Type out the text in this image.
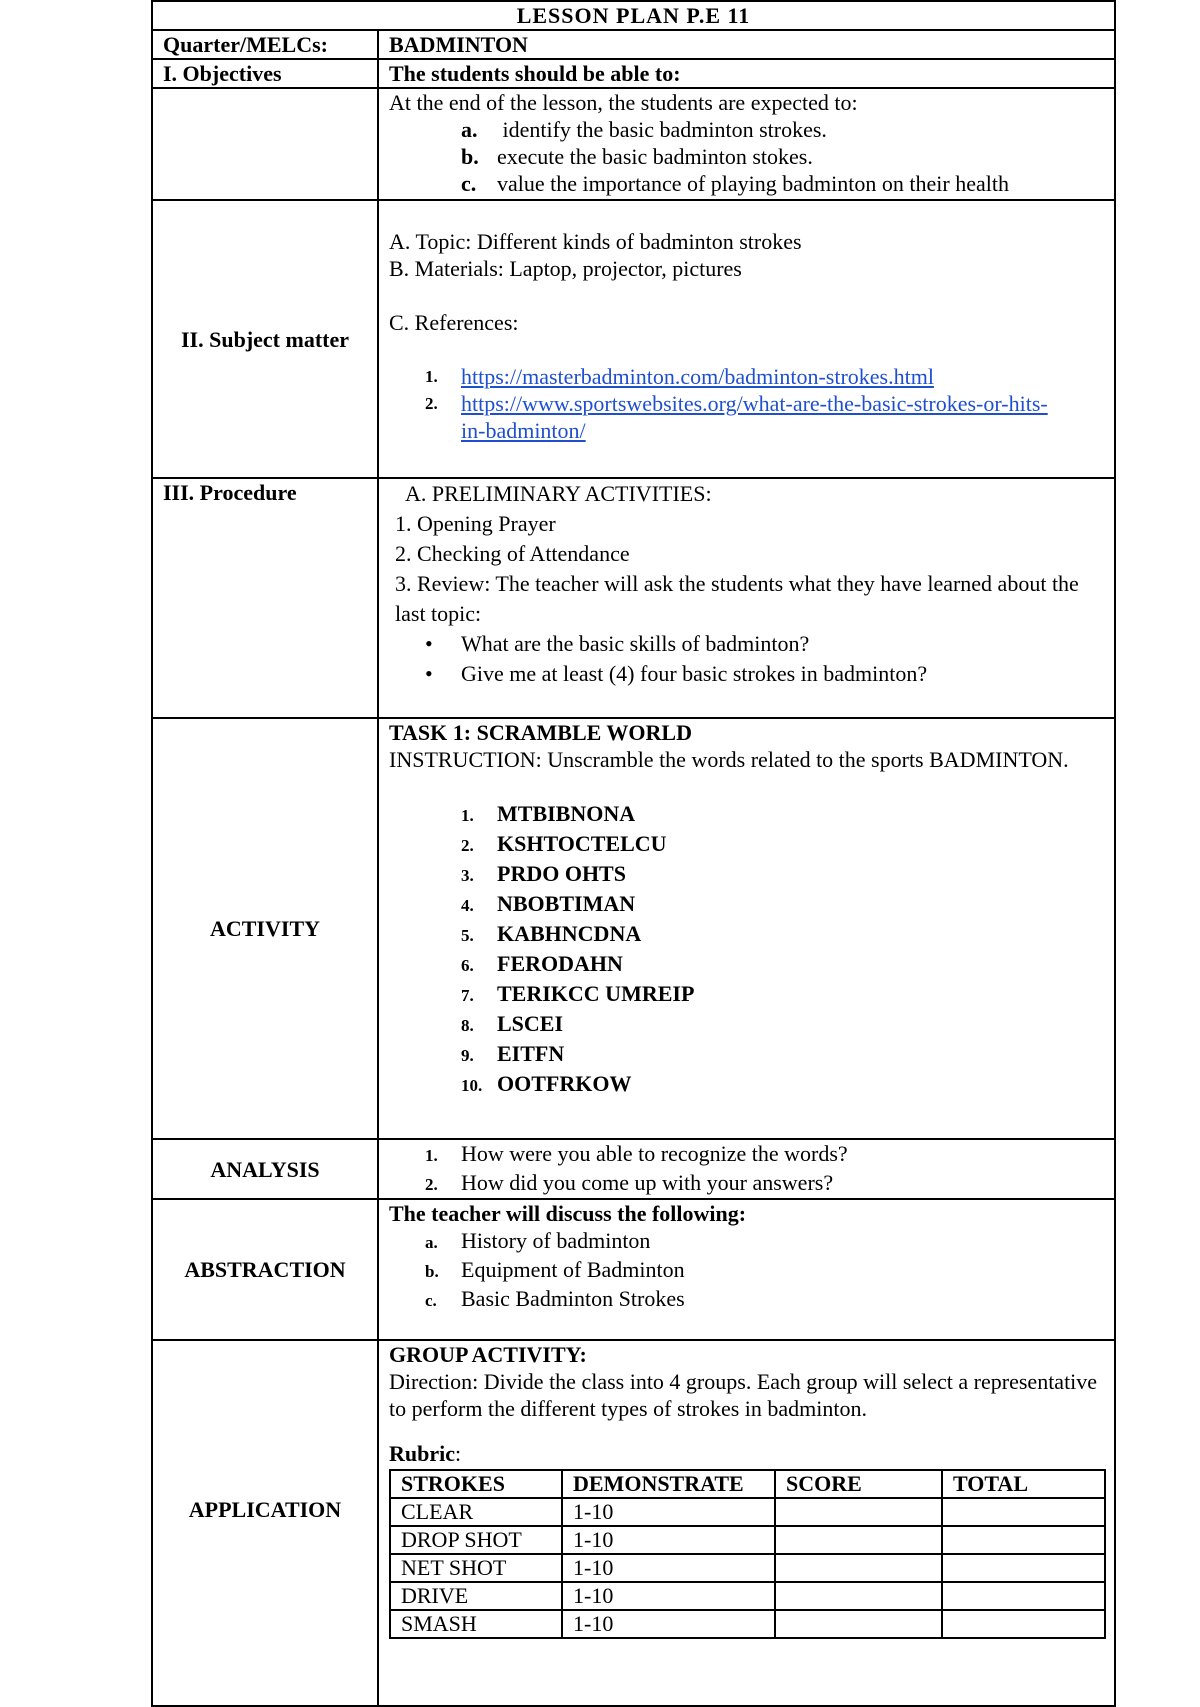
LESSON PLAN P.E 11
Quarter/MELCs:	BADMINTON
I. Objectives	The students should be able to:

At the end of the lesson, the students are expected to:
a. identify the basic badminton strokes.
b. execute the basic badminton stokes.
c. value the importance of playing badminton on their health

II. Subject matter	
A. Topic: Different kinds of badminton strokes
B. Materials: Laptop, projector, pictures
C. References:
1.	https://masterbadminton.com/badminton-strokes.html
2.	https://www.sportswebsites.org/what-are-the-basic-strokes-or-hits-in-badminton/

III. Procedure	A. PRELIMINARY ACTIVITIES:
1. Opening Prayer
2. Checking of Attendance
3. Review: The teacher will ask the students what they have learned about the last topic:
• What are the basic skills of badminton?
• Give me at least (4) four basic strokes in badminton?

ACTIVITY	
TASK 1: SCRAMBLE WORLD
INSTRUCTION: Unscramble the words related to the sports BADMINTON.
1. MTBIBNONA
2. KSHTOCTELCU
3. PRDO OHTS
4. NBOBTIMAN
5. KABHNCDNA
6. FERODAHN
7. TERIKCC UMREIP
8. LSCEI
9. EITFN
10. OOTFRKOW

ANALYSIS	
1. How were you able to recognize the words?
2. How did you come up with your answers?

ABSTRACTION	
The teacher will discuss the following:
a. History of badminton
b. Equipment of Badminton
c. Basic Badminton Strokes

APPLICATION	
GROUP ACTIVITY:
Direction: Divide the class into 4 groups. Each group will select a representative to perform the different types of strokes in badminton.
Rubric:
STROKES	DEMONSTRATE	SCORE	TOTAL
CLEAR	1-10		
DROP SHOT	1-10		
NET SHOT	1-10		
DRIVE	1-10		
SMASH	1-10		
